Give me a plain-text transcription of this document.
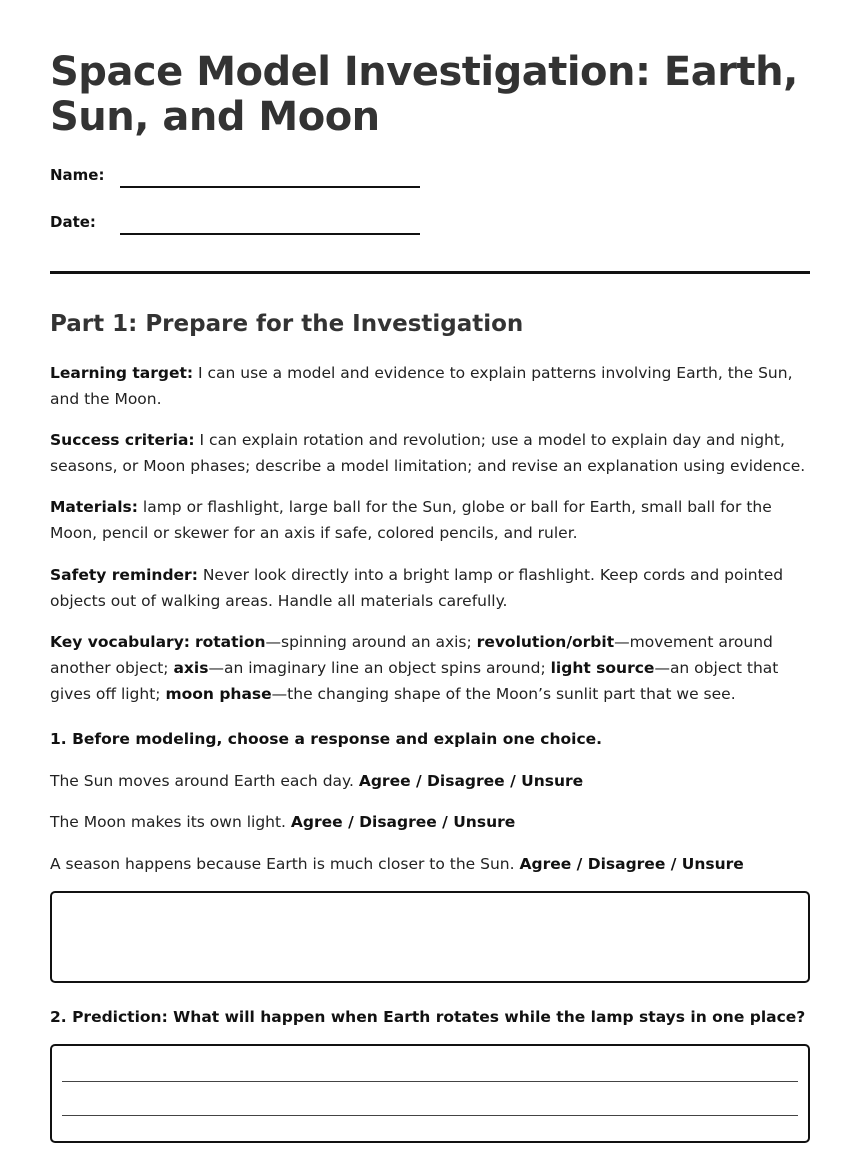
Space Model Investigation: Earth, Sun, and Moon
Name:
Date:
Part 1: Prepare for the Investigation

Learning target: I can use a model and evidence to explain patterns involving Earth, the Sun, and the Moon.

Success criteria: I can explain rotation and revolution; use a model to explain day and night, seasons, or Moon phases; describe a model limitation; and revise an explanation using evidence.

Materials: lamp or flashlight, large ball for the Sun, globe or ball for Earth, small ball for the Moon, pencil or skewer for an axis if safe, colored pencils, and ruler.

Safety reminder: Never look directly into a bright lamp or flashlight. Keep cords and pointed objects out of walking areas. Handle all materials carefully.

Key vocabulary: rotation—spinning around an axis; revolution/orbit—movement around another object; axis—an imaginary line an object spins around; light source—an object that gives off light; moon phase—the changing shape of the Moon’s sunlit part that we see.

1. Before modeling, choose a response and explain one choice.

The Sun moves around Earth each day. Agree / Disagree / Unsure

The Moon makes its own light. Agree / Disagree / Unsure

A season happens because Earth is much closer to the Sun. Agree / Disagree / Unsure

2. Prediction: What will happen when Earth rotates while the lamp stays in one place?
